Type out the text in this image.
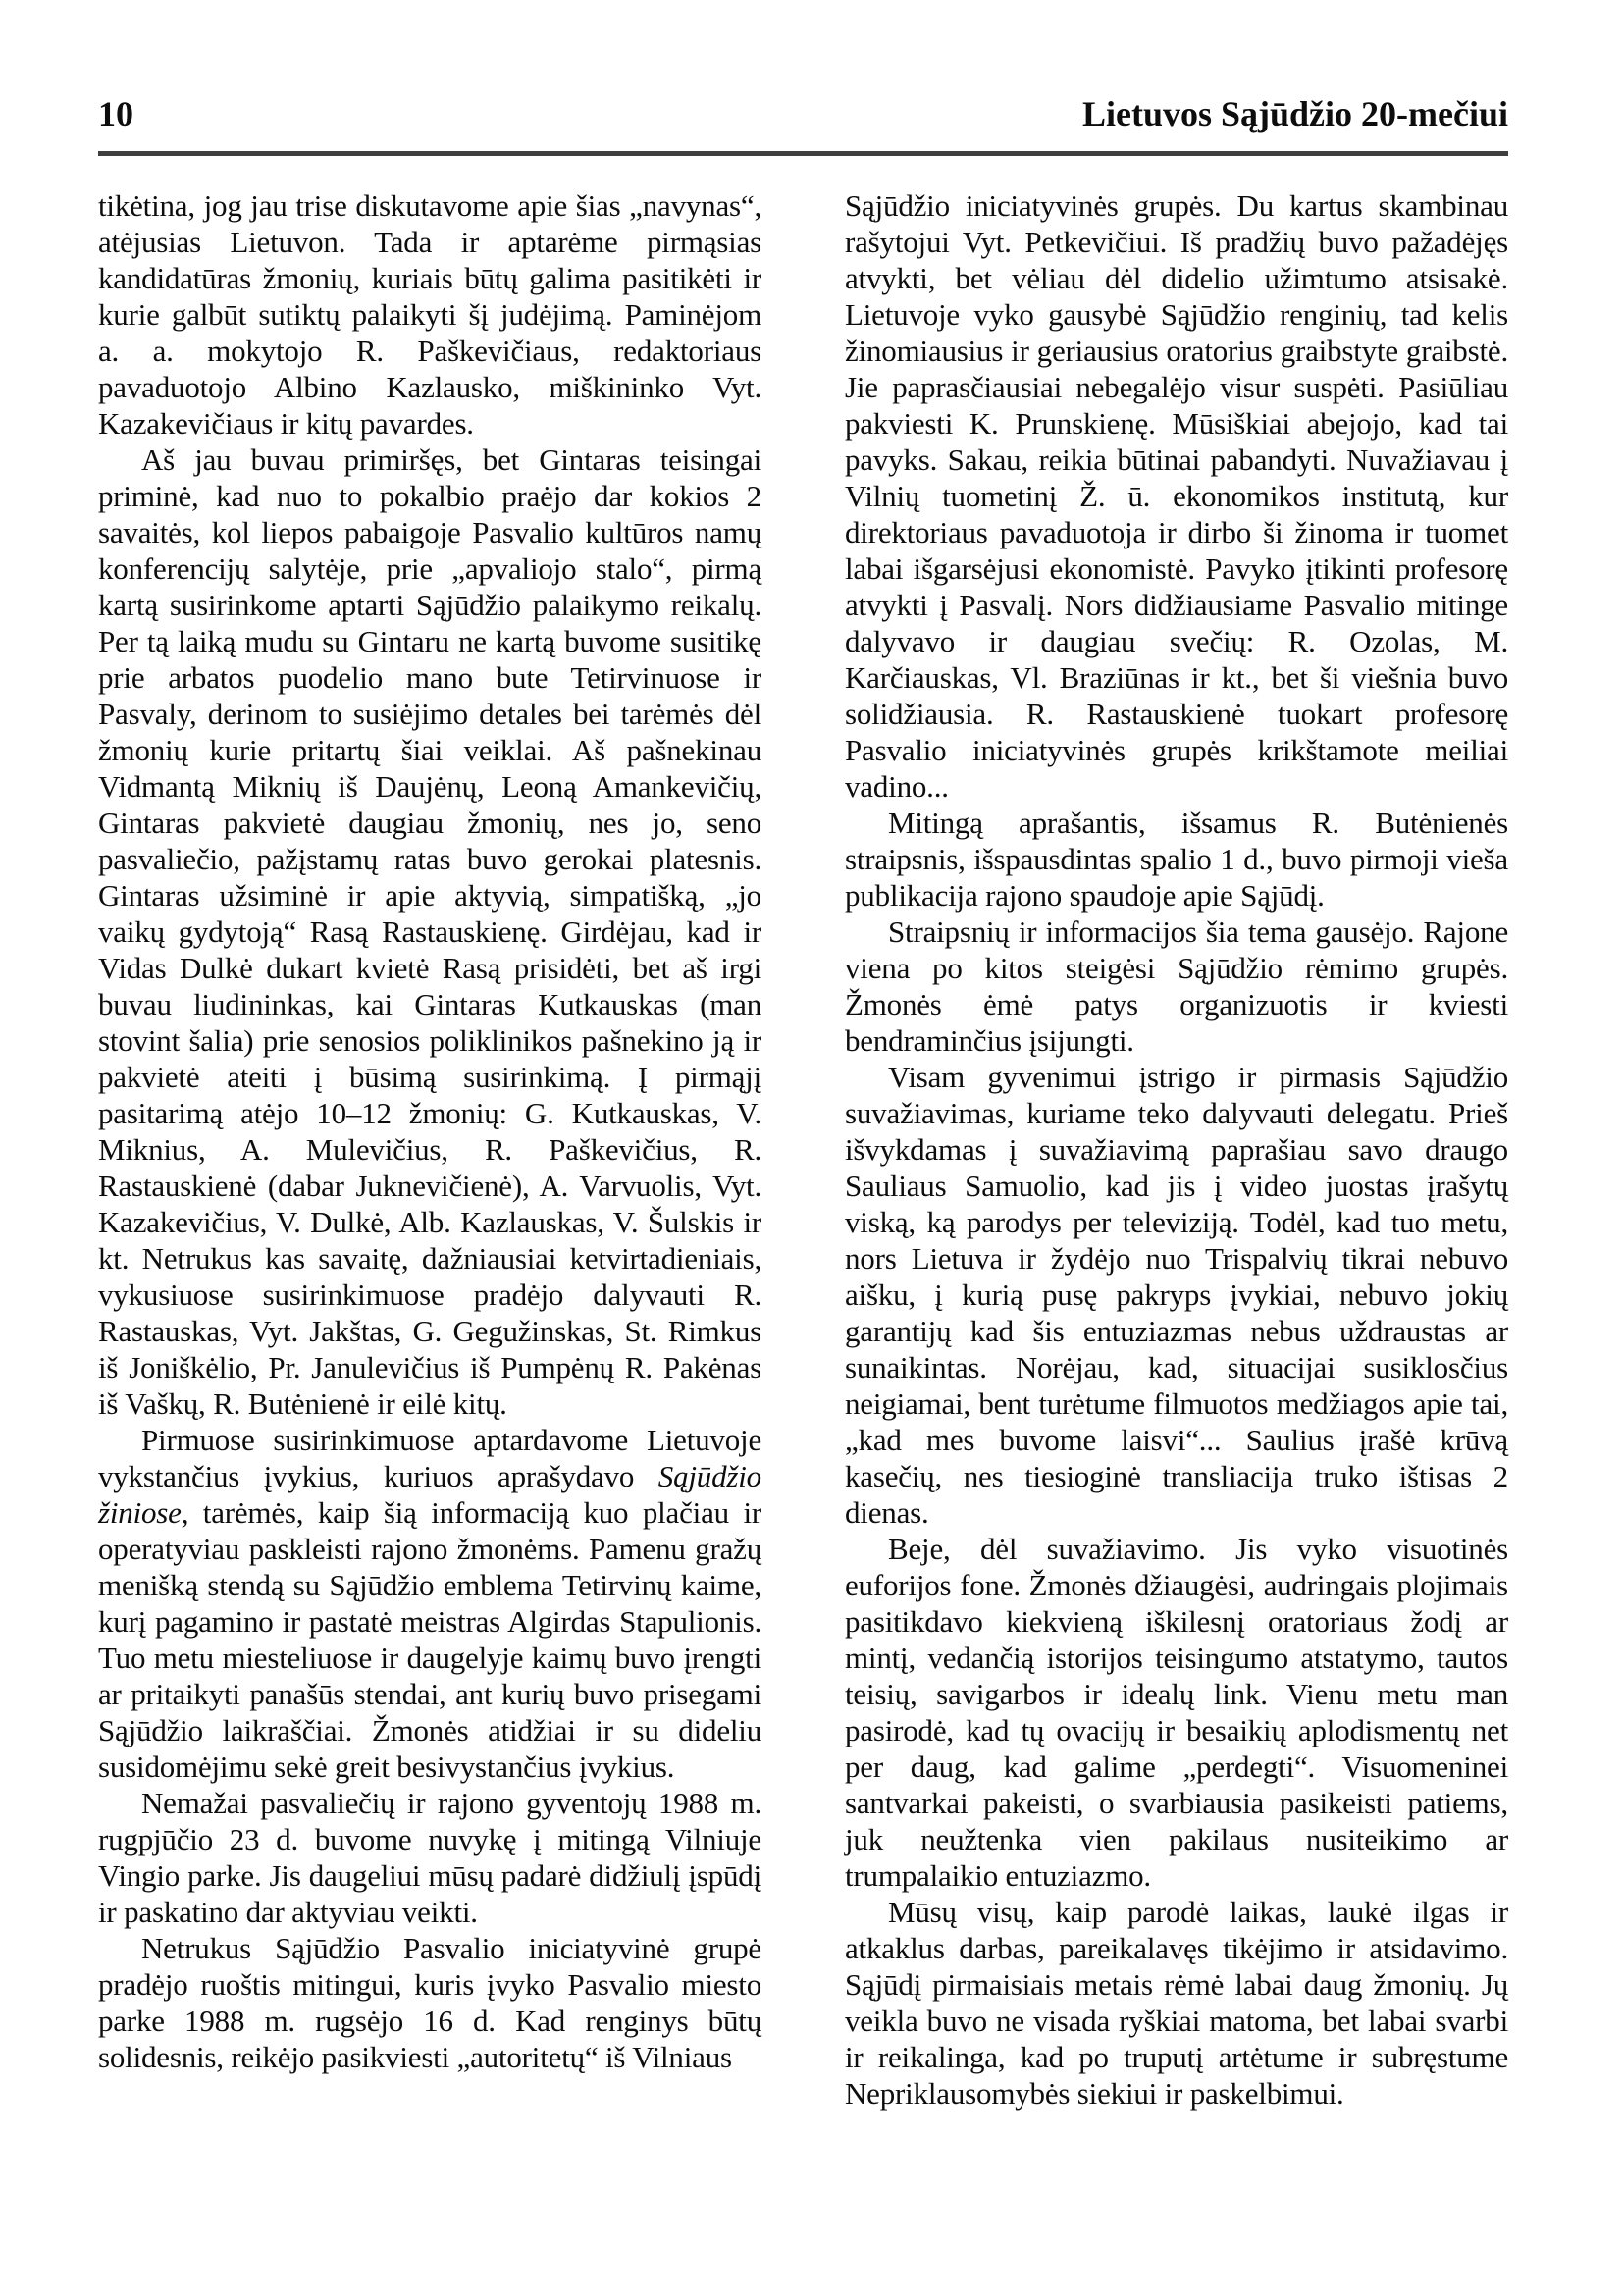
10	Lietuvos Sąjūdžio 20-mečiui

tikėtina, jog jau trise diskutavome apie šias „navynas“, atėjusias Lietuvon. Tada ir aptarėme pirmąsias kandidatūras žmonių, kuriais būtų galima pasitikėti ir kurie galbūt sutiktų palaikyti šį judėjimą. Paminėjom a. a. mokytojo R. Paškevičiaus, redaktoriaus pavaduotojo Albino Kazlausko, miškininko Vyt. Kazakevičiaus ir kitų pavardes.

Aš jau buvau primiršęs, bet Gintaras teisingai priminė, kad nuo to pokalbio praėjo dar kokios 2 savaitės, kol liepos pabaigoje Pasvalio kultūros namų konferencijų salytėje, prie „apvaliojo stalo“, pirmą kartą susirinkome aptarti Sąjūdžio palaikymo reikalų. Per tą laiką mudu su Gintaru ne kartą buvome susitikę prie arbatos puodelio mano bute Tetirvinuose ir Pasvaly, derinom to susiėjimo detales bei tarėmės dėl žmonių kurie pritartų šiai veiklai. Aš pašnekinau Vidmantą Miknių iš Daujėnų, Leoną Amankevičių, Gintaras pakvietė daugiau žmonių, nes jo, seno pasvaliečio, pažįstamų ratas buvo gerokai platesnis. Gintaras užsiminė ir apie aktyvią, simpatišką, „jo vaikų gydytoją“ Rasą Rastauskienę. Girdėjau, kad ir Vidas Dulkė dukart kvietė Rasą prisidėti, bet aš irgi buvau liudininkas, kai Gintaras Kutkauskas (man stovint šalia) prie senosios poliklinikos pašnekino ją ir pakvietė ateiti į būsimą susirinkimą. Į pirmąjį pasitarimą atėjo 10–12 žmonių: G. Kutkauskas, V. Miknius, A. Mulevičius, R. Paškevičius, R. Rastauskienė (dabar Juknevičienė), A. Varvuolis, Vyt. Kazakevičius, V. Dulkė, Alb. Kazlauskas, V. Šulskis ir kt. Netrukus kas savaitę, dažniausiai ketvirtadieniais, vykusiuose susirinkimuose pradėjo dalyvauti R. Rastauskas, Vyt. Jakštas, G. Gegužinskas, St. Rimkus iš Joniškėlio, Pr. Janulevičius iš Pumpėnų R. Pakėnas iš Vaškų, R. Butėnienė ir eilė kitų.

Pirmuose susirinkimuose aptardavome Lietuvoje vykstančius įvykius, kuriuos aprašydavo Sąjūdžio žiniose, tarėmės, kaip šią informaciją kuo plačiau ir operatyviau paskleisti rajono žmonėms. Pamenu gražų menišką stendą su Sąjūdžio emblema Tetirvinų kaime, kurį pagamino ir pastatė meistras Algirdas Stapulionis. Tuo metu miesteliuose ir daugelyje kaimų buvo įrengti ar pritaikyti panašūs stendai, ant kurių buvo prisegami Sąjūdžio laikraščiai. Žmonės atidžiai ir su dideliu susidomėjimu sekė greit besivystančius įvykius.

Nemažai pasvaliečių ir rajono gyventojų 1988 m. rugpjūčio 23 d. buvome nuvykę į mitingą Vilniuje Vingio parke. Jis daugeliui mūsų padarė didžiulį įspūdį ir paskatino dar aktyviau veikti.

Netrukus Sąjūdžio Pasvalio iniciatyvinė grupė pradėjo ruoštis mitingui, kuris įvyko Pasvalio miesto parke 1988 m. rugsėjo 16 d. Kad renginys būtų solidesnis, reikėjo pasikviesti „autoritetų“ iš Vilniaus

Sąjūdžio iniciatyvinės grupės. Du kartus skambinau rašytojui Vyt. Petkevičiui. Iš pradžių buvo pažadėjęs atvykti, bet vėliau dėl didelio užimtumo atsisakė. Lietuvoje vyko gausybė Sąjūdžio renginių, tad kelis žinomiausius ir geriausius oratorius graibstyte graibstė. Jie paprasčiausiai nebegalėjo visur suspėti. Pasiūliau pakviesti K. Prunskienę. Mūsiškiai abejojo, kad tai pavyks. Sakau, reikia būtinai pabandyti. Nuvažiavau į Vilnių tuometinį Ž. ū. ekonomikos institutą, kur direktoriaus pavaduotoja ir dirbo ši žinoma ir tuomet labai išgarsėjusi ekonomistė. Pavyko įtikinti profesorę atvykti į Pasvalį. Nors didžiausiame Pasvalio mitinge dalyvavo ir daugiau svečių: R. Ozolas, M. Karčiauskas, Vl. Braziūnas ir kt., bet ši viešnia buvo solidžiausia. R. Rastauskienė tuokart profesorę Pasvalio iniciatyvinės grupės krikštamote meiliai vadino...

Mitingą aprašantis, išsamus R. Butėnienės straipsnis, išspausdintas spalio 1 d., buvo pirmoji vieša publikacija rajono spaudoje apie Sąjūdį.

Straipsnių ir informacijos šia tema gausėjo. Rajone viena po kitos steigėsi Sąjūdžio rėmimo grupės. Žmonės ėmė patys organizuotis ir kviesti bendraminčius įsijungti.

Visam gyvenimui įstrigo ir pirmasis Sąjūdžio suvažiavimas, kuriame teko dalyvauti delegatu. Prieš išvykdamas į suvažiavimą paprašiau savo draugo Sauliaus Samuolio, kad jis į video juostas įrašytų viską, ką parodys per televiziją. Todėl, kad tuo metu, nors Lietuva ir žydėjo nuo Trispalvių tikrai nebuvo aišku, į kurią pusę pakryps įvykiai, nebuvo jokių garantijų kad šis entuziazmas nebus uždraustas ar sunaikintas. Norėjau, kad, situacijai susiklosčius neigiamai, bent turėtume filmuotos medžiagos apie tai, „kad mes buvome laisvi“... Saulius įrašė krūvą kasečių, nes tiesioginė transliacija truko ištisas 2 dienas.

Beje, dėl suvažiavimo. Jis vyko visuotinės euforijos fone. Žmonės džiaugėsi, audringais plojimais pasitikdavo kiekvieną iškilesnį oratoriaus žodį ar mintį, vedančią istorijos teisingumo atstatymo, tautos teisių, savigarbos ir idealų link. Vienu metu man pasirodė, kad tų ovacijų ir besaikių aplodismentų net per daug, kad galime „perdegti“. Visuomeninei santvarkai pakeisti, o svarbiausia pasikeisti patiems, juk neužtenka vien pakilaus nusiteikimo ar trumpalaikio entuziazmo.

Mūsų visų, kaip parodė laikas, laukė ilgas ir atkaklus darbas, pareikalavęs tikėjimo ir atsidavimo. Sąjūdį pirmaisiais metais rėmė labai daug žmonių. Jų veikla buvo ne visada ryškiai matoma, bet labai svarbi ir reikalinga, kad po truputį artėtume ir subręstume Nepriklausomybės siekiui ir paskelbimui.
